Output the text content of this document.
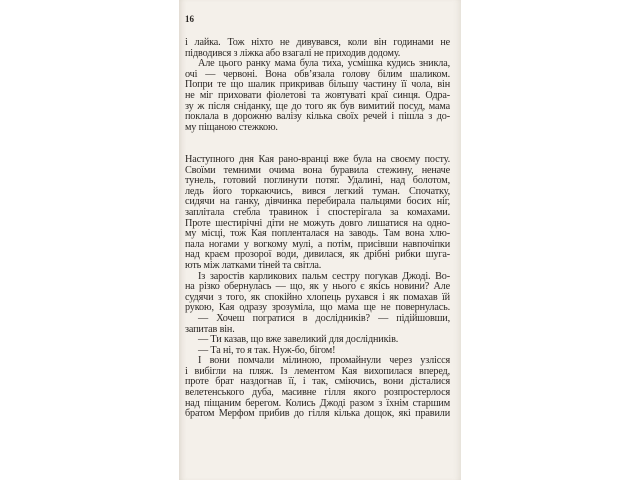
16
і лайка. Тож ніхто не дивувався, коли він годинами не
підводився з ліжка або взагалі не приходив додому.
Але цього ранку мама була тиха, усмішка кудись зникла,
очі — червоні. Вона обв’язала голову білим шаликом.
Попри те що шалик прикривав більшу частину її чола, він
не міг приховати фіолетові та жовтуваті краї синця. Одра-
зу ж після сніданку, ще до того як був вимитий посуд, мама
поклала в дорожню валізу кілька своїх речей і пішла з до-
му піщаною стежкою.
Наступного дня Кая рано-вранці вже була на своєму посту.
Своїми темними очима вона буравила стежину, неначе
тунель, готовий поглинути потяг. Удалині, над болотом,
ледь його торкаючись, вився легкий туман. Спочатку,
сидячи на ганку, дівчинка перебирала пальцями босих ніг,
заплітала стебла травинок і спостерігала за комахами.
Проте шестирічні діти не можуть довго лишатися на одно-
му місці, тож Кая попленталася на заводь. Там вона хлю-
пала ногами у вогкому мулі, а потім, присівши навпочіпки
над краєм прозорої води, дивилася, як дрібні рибки шуга-
ють між латками тіней та світла.
Із заростів карликових пальм сестру погукав Джоді. Во-
на різко обернулась — що, як у нього є якісь новини? Але
судячи з того, як спокійно хлопець рухався і як помахав їй
рукою, Кая одразу зрозуміла, що мама ще не повернулась.
— Хочеш погратися в дослідників? — підійшовши,
запитав він.
— Ти казав, що вже завеликий для дослідників.
— Та ні, то я так. Нуж-бо, бігом!
І вони помчали мілиною, промайнули через узлісся
і вибігли на пляж. Із лементом Кая вихопилася вперед,
проте брат наздогнав її, і так, сміючись, вони дісталися
велетенського дуба, масивне гілля якого розпростерлося
над піщаним берегом. Колись Джоді разом з їхнім старшим
братом Мерфом прибив до гілля кілька дощок, які правили
